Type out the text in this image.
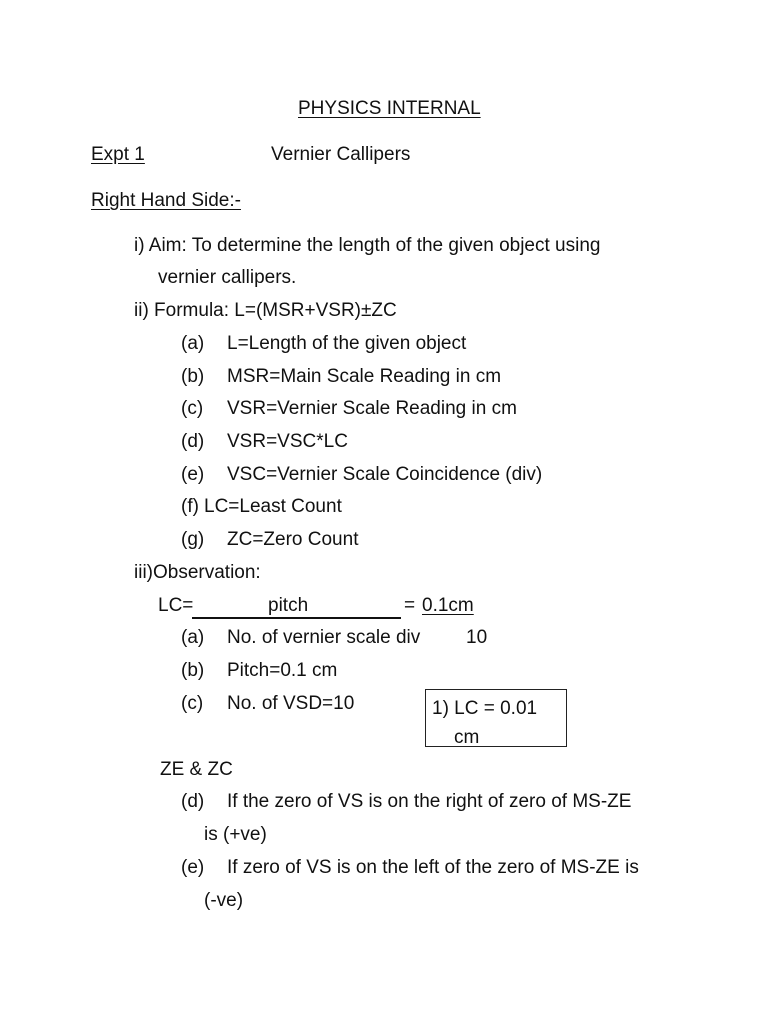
PHYSICS INTERNAL
Expt 1	Vernier Callipers
Right Hand Side:-
i) Aim: To determine the length of the given object using
vernier callipers.
ii) Formula: L=(MSR+VSR)±ZC
(a) L=Length of the given object
(b) MSR=Main Scale Reading in cm
(c) VSR=Vernier Scale Reading in cm
(d) VSR=VSC*LC
(e) VSC=Vernier Scale Coincidence (div)
(f) LC=Least Count
(g) ZC=Zero Count
iii)Observation:
LC=	pitch	= 0.1cm
(a) No. of vernier scale div 10
(b) Pitch=0.1 cm
(c) No. of VSD=10	1) LC = 0.01
cm
ZE & ZC
(d) If the zero of VS is on the right of zero of MS-ZE
is (+ve)
(e) If zero of VS is on the left of the zero of MS-ZE is
(-ve)
